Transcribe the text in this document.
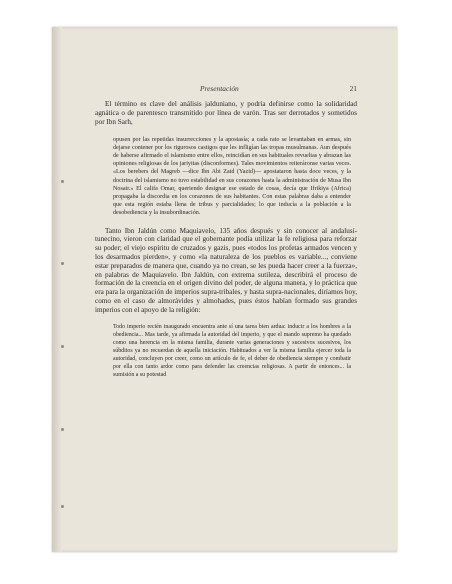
Presentación	21

El término es clave del análisis jalduniano, y podría definirse como la solidaridad agnática o de parentesco transmitido por línea de varón. Tras ser derrotados y sometidos por Ibn Sarh,

opusen por las repetidas insurrecciones y la apostasía; a cada rato se levantaban en armas, sin dejarse contener por los rigurosos castigos que les infligían las tropas musulmanas. Aun después de haberse afirmado el islamismo entre ellos, reincidían en sus habituales revueltas y abrazan las opiniones religiosas de los jariyitas (disconformes). Tales movimientos reiteráronse varias veces. «Los berebers del Magreb —dice Ibn Abi Zaid (Yazid)— apostataron hasta doce veces, y la doctrina del islamismo no tuvo estabilidad en sus corazones hasta la administración de Musa Ibn Nosair.» El califa Omar, queriendo designar ese estado de cosas, decía que Ifrikiya (Africa) propagaba la discordia en los corazones de sus habitantes. Con estas palabras daba a entender que esta región estaba llena de tribus y parcialidades; lo que inducía a la población a la desobediencia y la insubordinación.

Tanto Ibn Jaldún como Maquiavelo, 135 años después y sin conocer al andalusí-tunecino, vieron con claridad que el gobernante podía utilizar la fe religiosa para reforzar su poder; el viejo espíritu de cruzados y gazis, pues «todos los profetas armados vencen y los desarmados pierden», y como «la naturaleza de los pueblos es variable..., conviene estar preparados de manera que, cuando ya no crean, se les pueda hacer creer a la fuerza», en palabras de Maquiavelo. Ibn Jaldún, con extrema sutileza, describirá el proceso de formación de la creencia en el origen divino del poder, de alguna manera, y lo práctica que era para la organización de imperios supra-tribales, y hasta supra-nacionales, diríamos hoy, como en el caso de almorávides y almohades, pues éstos habían formado sus grandes imperios con el apoyo de la religión:

Todo imperio recién inaugurado encuentra ante sí una tarea bien ardua: inducir a los hombres a la obediencia... Mas tarde, ya afirmada la autoridad del imperio, y que el mando supremo ha quedado como una herencia en la misma familia, durante varias generaciones y sucesivos sucesivos, los súbditos ya no recuerdan de aquella iniciación. Habituados a ver la misma familia ejercer toda la autoridad, concluyen por creer, como un artículo de fe, el deber de obediencia siempre y combatir por ella con tanto ardor como para defender las creencias religiosas. A partir de entonces... la sumisión a su potestad
